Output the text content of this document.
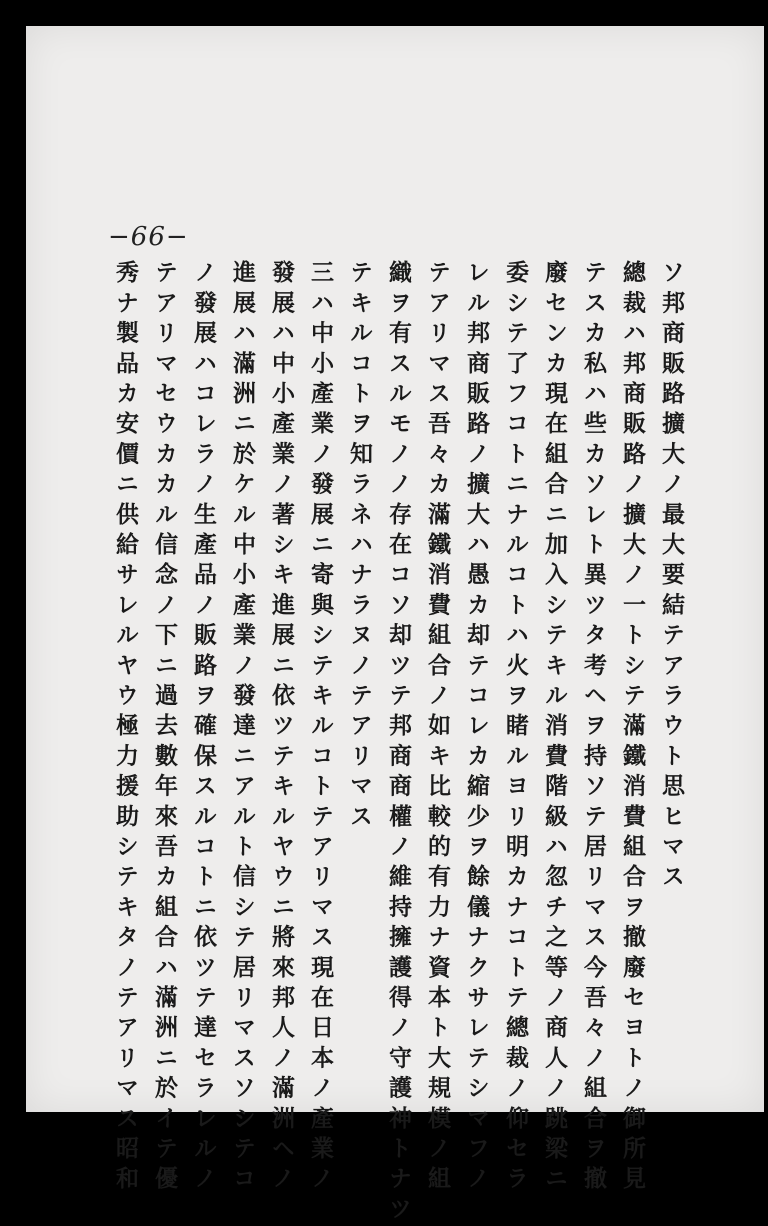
−66−
ソ邦商販路擴大ノ最大要結テアラウト思ヒマス
總裁ハ邦商販路ノ擴大ノ一トシテ滿鐵消費組合ヲ撤廢セヨトノ御所見
テスカ私ハ些カソレト異ツタ考ヘヲ持ソテ居リマス今吾々ノ組合ヲ撤
廢センカ現在組合ニ加入シテキル消費階級ハ忽チ之等ノ商人ノ跳梁ニ
委シテ了フコトニナルコトハ火ヲ睹ルヨリ明カナコトテ總裁ノ仰セラ
レル邦商販路ノ擴大ハ愚カ却テコレカ縮少ヲ餘儀ナクサレテシマフノ
テアリマス吾々カ滿鐵消費組合ノ如キ比較的有力ナ資本ト大規模ノ組
織ヲ有スルモノノ存在コソ却ツテ邦商商權ノ維持擁護得ノ守護神トナツ
テキルコトヲ知ラネハナラヌノテアリマス
三ハ中小產業ノ發展ニ寄與シテキルコトテアリマス現在日本ノ產業ノ
發展ハ中小產業ノ著シキ進展ニ依ツテキルヤウニ將來邦人ノ滿洲ヘノ
進展ハ滿洲ニ於ケル中小產業ノ發達ニアルト信シテ居リマスソシテコ
ノ發展ハコレラノ生產品ノ販路ヲ確保スルコトニ依ツテ達セラレルノ
テアリマセウカカル信念ノ下ニ過去數年來吾カ組合ハ滿洲ニ於イテ優
秀ナ製品カ安價ニ供給サレルヤウ極力援助シテキタノテアリマス昭和
